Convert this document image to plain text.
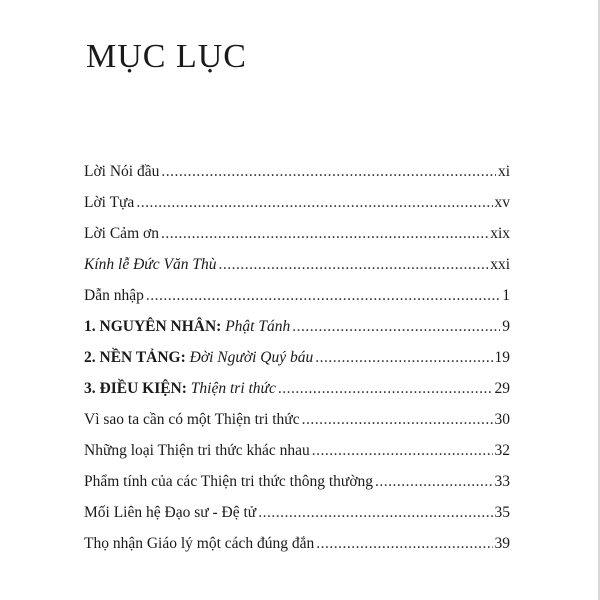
MỤC LỤC
Lời Nói đầu .....	xi
Lời Tựa .....	xv
Lời Cảm ơn .....	xix
Kính lễ Đức Văn Thù .....	xxi
Dẫn nhập .....	1
1. NGUYÊN NHÂN: Phật Tánh .....	9
2. NỀN TẢNG: Đời Người Quý báu .....	19
3. ĐIỀU KIỆN: Thiện tri thức .....	29
Vì sao ta cần có một Thiện tri thức .....	30
Những loại Thiện tri thức khác nhau .....	32
Phẩm tính của các Thiện tri thức thông thường .....	33
Mối Liên hệ Đạo sư - Đệ tử .....	35
Thọ nhận Giáo lý một cách đúng đắn .....	39
